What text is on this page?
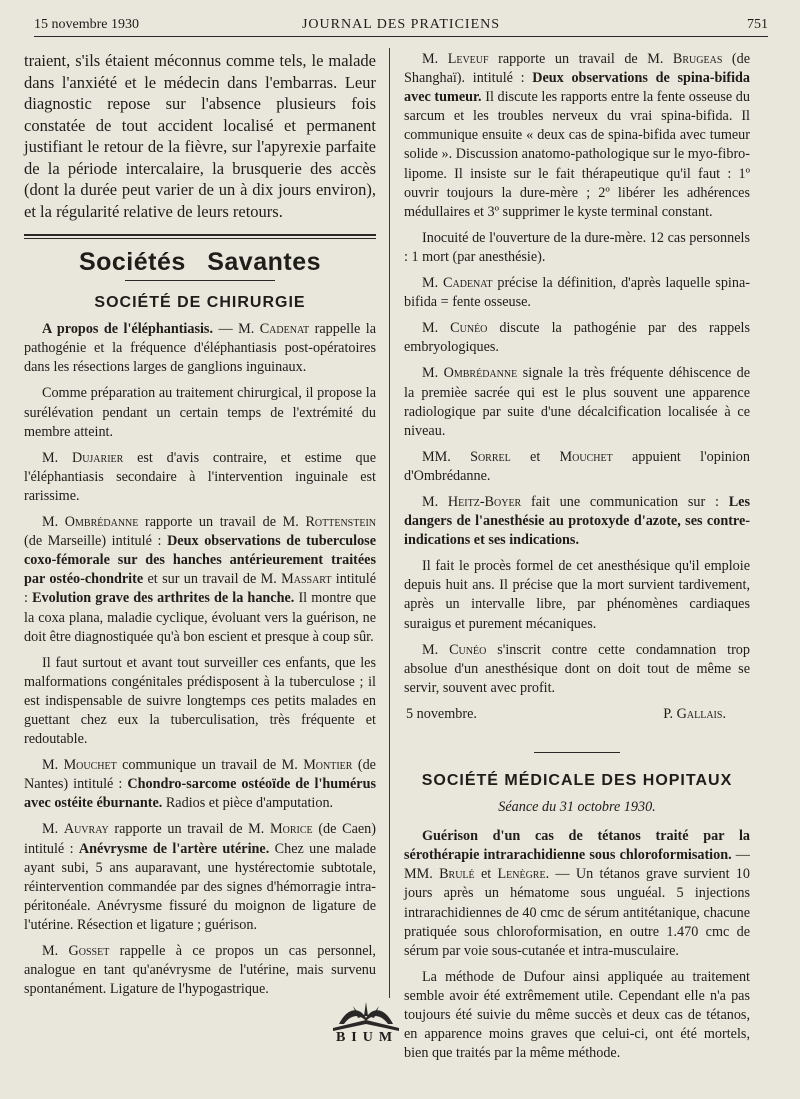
15 novembre 1930	JOURNAL DES PRATICIENS	751

traient, s'ils étaient méconnus comme tels, le malade dans l'anxiété et le médecin dans l'embarras. Leur diagnostic repose sur l'absence plusieurs fois constatée de tout accident localisé et permanent justifiant le retour de la fièvre, sur l'apyrexie parfaite de la période intercalaire, la brusquerie des accès (dont la durée peut varier de un à dix jours environ), et la régularité relative de leurs retours.

Sociétés Savantes
SOCIÉTÉ DE CHIRURGIE

A propos de l'éléphantiasis. — M. Cadenat rappelle la pathogénie et la fréquence d'éléphantiasis post-opératoires dans les résections larges de ganglions inguinaux.

Comme préparation au traitement chirurgical, il propose la surélévation pendant un certain temps de l'extrémité du membre atteint.

M. Dujarier est d'avis contraire, et estime que l'éléphantiasis secondaire à l'intervention inguinale est rarissime.

M. Ombrédanne rapporte un travail de M. Rottenstein (de Marseille) intitulé : Deux observations de tuberculose coxo-fémorale sur des hanches antérieurement traitées par ostéo-chondrite et sur un travail de M. Massart intitulé : Evolution grave des arthrites de la hanche. Il montre que la coxa plana, maladie cyclique, évoluant vers la guérison, ne doit être diagnostiquée qu'à bon escient et presque à coup sûr.

Il faut surtout et avant tout surveiller ces enfants, que les malformations congénitales prédisposent à la tuberculose ; il est indispensable de suivre longtemps ces petits malades en guettant chez eux la tuberculisation, très fréquente et redoutable.

M. Mouchet communique un travail de M. Montier (de Nantes) intitulé : Chondro-sarcome ostéoïde de l'humérus avec ostéite éburnante. Radios et pièce d'amputation.

M. Auvray rapporte un travail de M. Morice (de Caen) intitulé : Anévrysme de l'artère utérine. Chez une malade ayant subi, 5 ans auparavant, une hystérectomie subtotale, réintervention commandée par des signes d'hémorragie intra-péritonéale. Anévrysme fissuré du moignon de ligature de l'utérine. Résection et ligature ; guérison.

M. Gosset rappelle à ce propos un cas personnel, analogue en tant qu'anévrysme de l'utérine, mais survenu spontanément. Ligature de l'hypogastrique.

M. Leveuf rapporte un travail de M. Brugeas (de Shanghaï). intitulé : Deux observations de spina-bifida avec tumeur. Il discute les rapports entre la fente osseuse du sarcum et les troubles nerveux du vrai spina-bifida. Il communique ensuite « deux cas de spina-bifida avec tumeur solide ». Discussion anatomo-pathologique sur le myo-fibro-lipome. Il insiste sur le fait thérapeutique qu'il faut : 1º ouvrir toujours la dure-mère ; 2º libérer les adhérences médullaires et 3º supprimer le kyste terminal constant.

Inocuité de l'ouverture de la dure-mère. 12 cas personnels : 1 mort (par anesthésie).

M. Cadenat précise la définition, d'après laquelle spina-bifida = fente osseuse.

M. Cunéo discute la pathogénie par des rappels embryologiques.

M. Ombrédanne signale la très fréquente déhiscence de la premièe sacrée qui est le plus souvent une apparence radiologique par suite d'une décalcification localisée à ce niveau.

MM. Sorrel et Mouchet appuient l'opinion d'Ombrédanne.

M. Heitz-Boyer fait une communication sur : Les dangers de l'anesthésie au protoxyde d'azote, ses contre-indications et ses indications.

Il fait le procès formel de cet anesthésique qu'il emploie depuis huit ans. Il précise que la mort survient tardivement, après un intervalle libre, par phénomènes cardiaques suraigus et purement mécaniques.

M. Cunéo s'inscrit contre cette condamnation trop absolue d'un anesthésique dont on doit tout de même se servir, souvent avec profit.

5 novembre.	P. Gallais.
SOCIÉTÉ MÉDICALE DES HOPITAUX
Séance du 31 octobre 1930.

Guérison d'un cas de tétanos traité par la sérothérapie intrarachidienne sous chloroformisation. — MM. Brulé et Lenègre. — Un tétanos grave survient 10 jours après un hématome sous unguéal. 5 injections intrarachidiennes de 40 cmc de sérum antitétanique, chacune pratiquée sous chloroformisation, en outre 1.470 cmc de sérum par voie sous-cutanée et intra-musculaire.

La méthode de Dufour ainsi appliquée au traitement semble avoir été extrêmement utile. Cependant elle n'a pas toujours été suivie du même succès et deux cas de tétanos, en apparence moins graves que celui-ci, ont été mortels, bien que traités par la même méthode.

BIUM
